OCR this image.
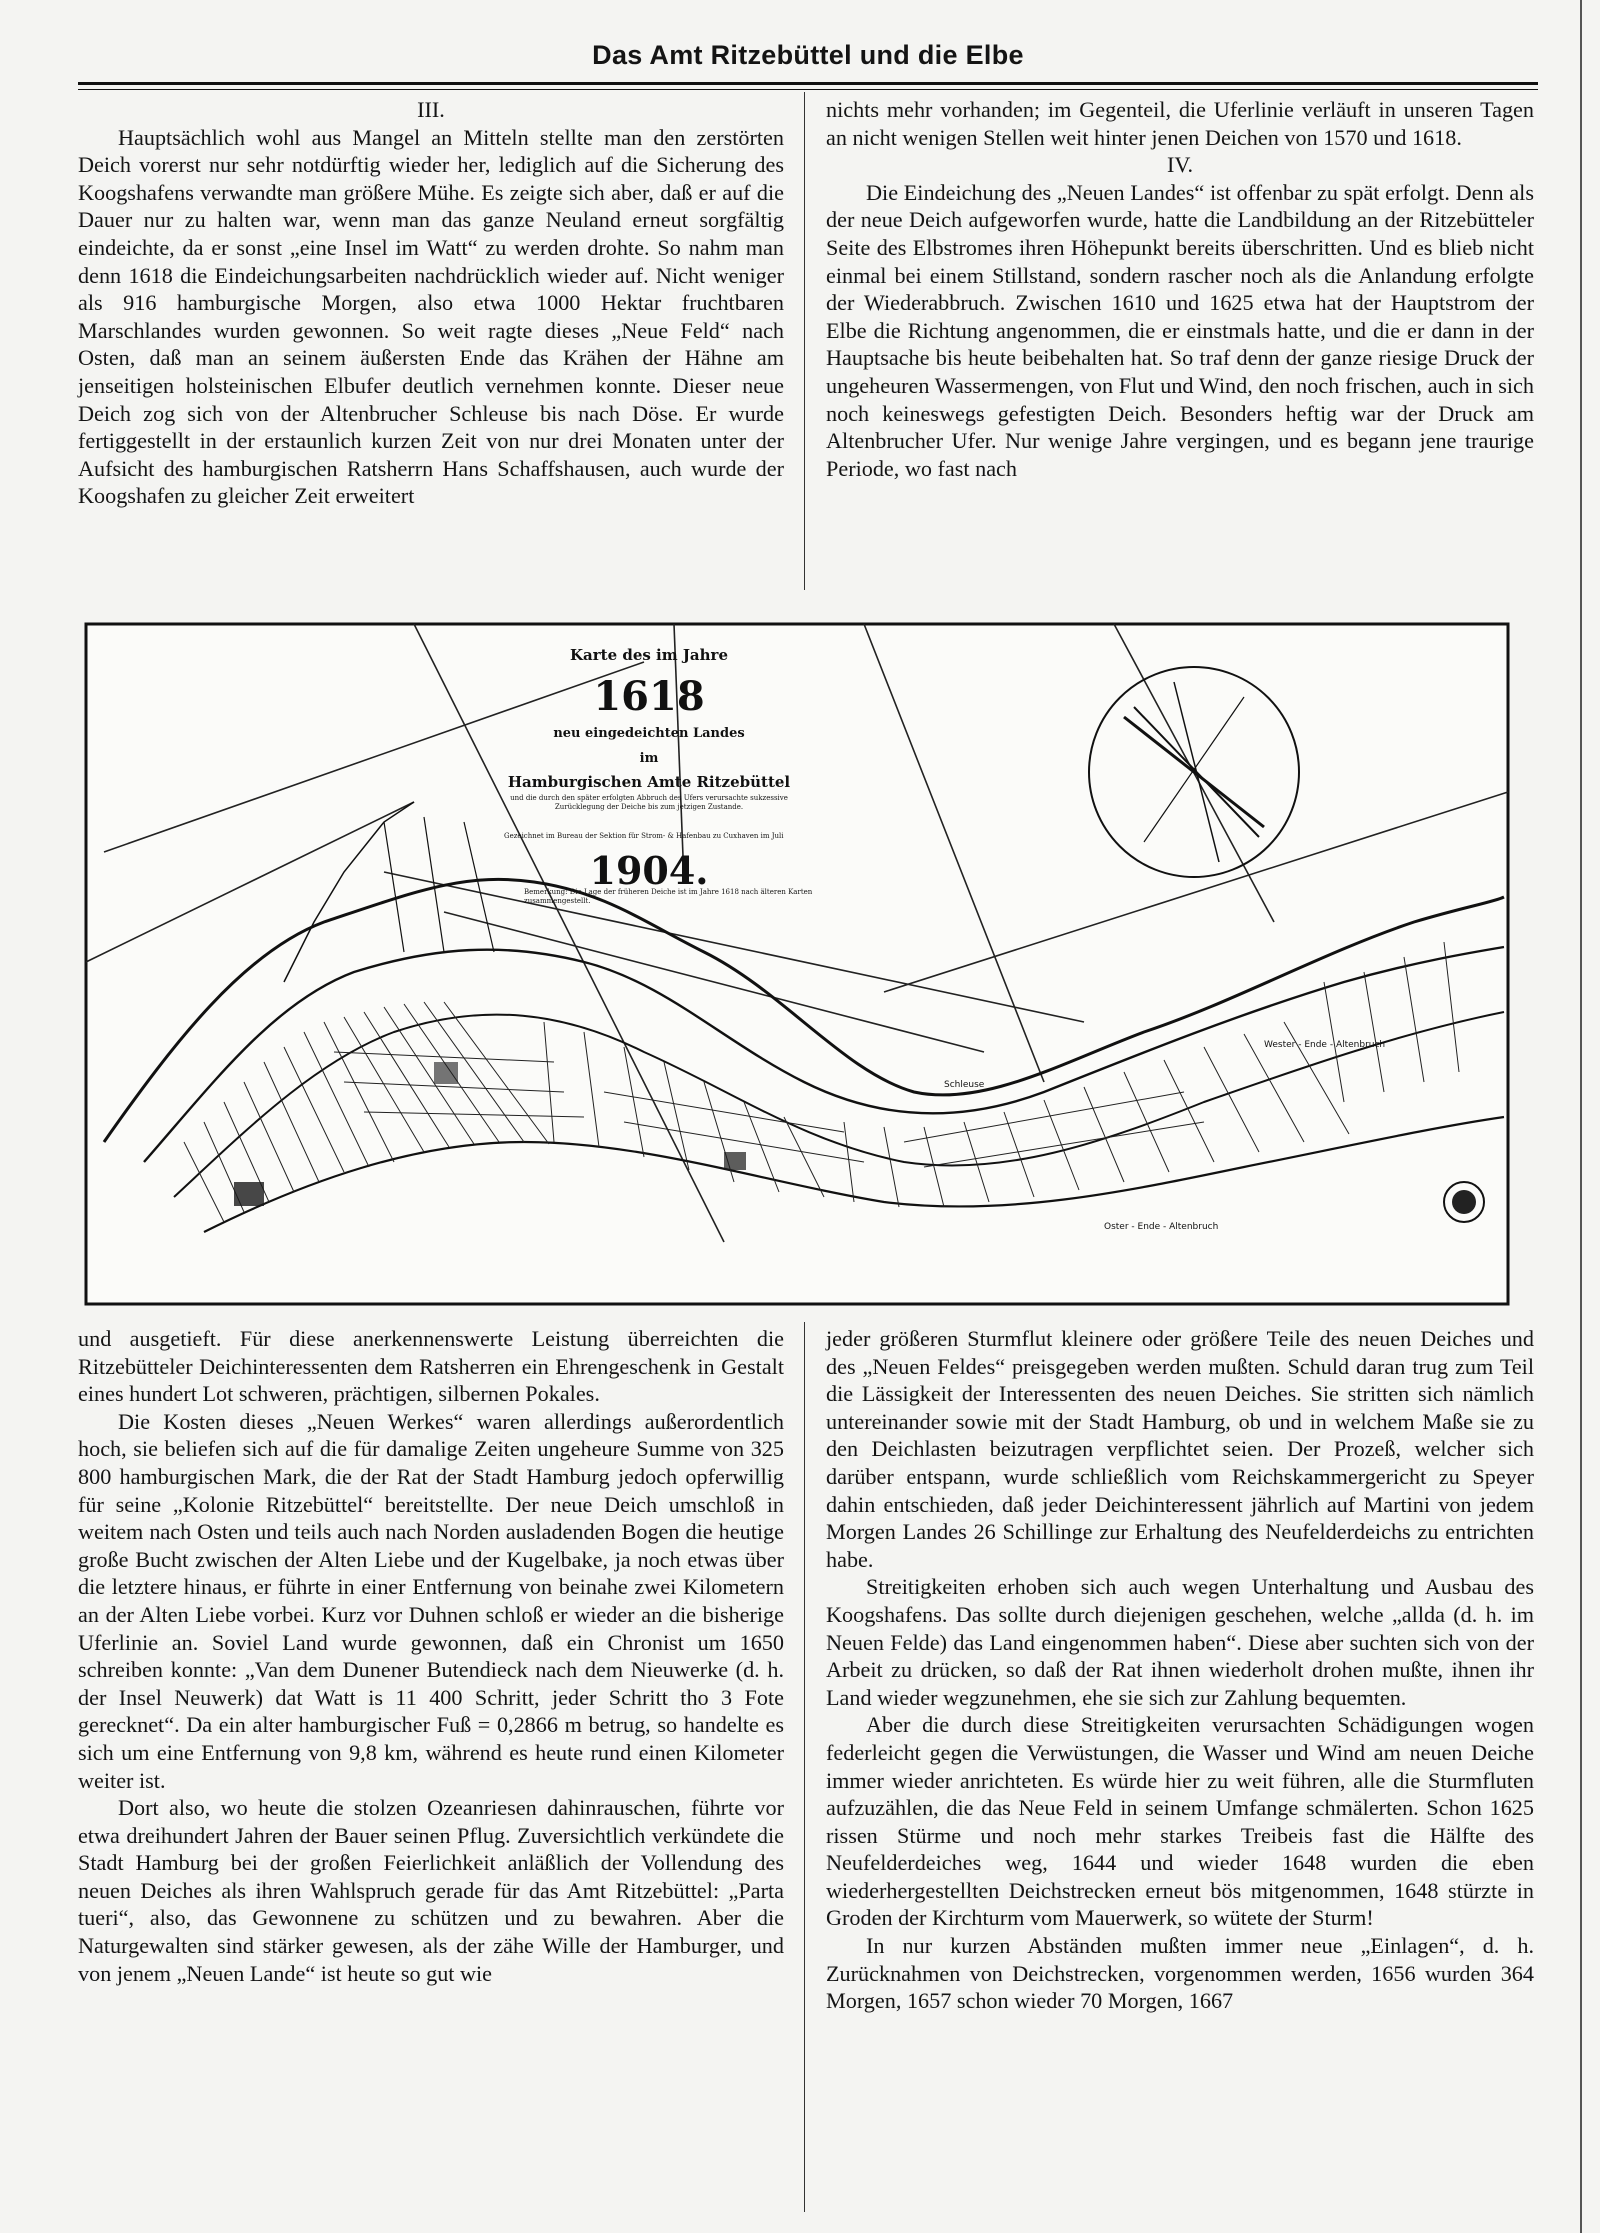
Das Amt Ritzebüttel und die Elbe

III.

Hauptsächlich wohl aus Mangel an Mitteln stellte man den zerstörten Deich vorerst nur sehr notdürftig wieder her, lediglich auf die Sicherung des Koogshafens verwandte man größere Mühe. Es zeigte sich aber, daß er auf die Dauer nur zu halten war, wenn man das ganze Neuland erneut sorgfältig eindeichte, da er sonst „eine Insel im Watt“ zu werden drohte. So nahm man denn 1618 die Eindeichungsarbeiten nachdrücklich wieder auf. Nicht weniger als 916 hamburgische Morgen, also etwa 1000 Hektar fruchtbaren Marschlandes wurden gewonnen. So weit ragte dieses „Neue Feld“ nach Osten, daß man an seinem äußersten Ende das Krähen der Hähne am jenseitigen holsteinischen Elbufer deutlich vernehmen konnte. Dieser neue Deich zog sich von der Altenbrucher Schleuse bis nach Döse. Er wurde fertiggestellt in der erstaunlich kurzen Zeit von nur drei Monaten unter der Aufsicht des hamburgischen Ratsherrn Hans Schaffshausen, auch wurde der Koogshafen zu gleicher Zeit erweitert

nichts mehr vorhanden; im Gegenteil, die Uferlinie verläuft in unseren Tagen an nicht wenigen Stellen weit hinter jenen Deichen von 1570 und 1618.

IV.

Die Eindeichung des „Neuen Landes“ ist offenbar zu spät erfolgt. Denn als der neue Deich aufgeworfen wurde, hatte die Landbildung an der Ritzebütteler Seite des Elbstromes ihren Höhepunkt bereits überschritten. Und es blieb nicht einmal bei einem Stillstand, sondern rascher noch als die Anlandung erfolgte der Wiederabbruch. Zwischen 1610 und 1625 etwa hat der Hauptstrom der Elbe die Richtung angenommen, die er einstmals hatte, und die er dann in der Hauptsache bis heute beibehalten hat. So traf denn der ganze riesige Druck der ungeheuren Wassermengen, von Flut und Wind, den noch frischen, auch in sich noch keineswegs gefestigten Deich. Besonders heftig war der Druck am Altenbrucher Ufer. Nur wenige Jahre vergingen, und es begann jene traurige Periode, wo fast nach

Karte des im Jahre
1618
neu eingedeichten Landes
im
Hamburgischen Amte Ritzebüttel
und die durch den später erfolgten Abbruch des Ufers verursachte sukzessive Zurücklegung der Deiche bis zum jetzigen Zustande.
Gezeichnet im Bureau der Sektion für Strom- & Hafenbau zu Cuxhaven im Juli
1904.
Bemerkung: Die Lage der früheren Deiche ist im Jahre 1618 nach älteren Karten zusammengestellt.
Oster - Ende - Altenbruch
Wester - Ende - Altenbruch
Schleuse

und ausgetieft. Für diese anerkennenswerte Leistung überreichten die Ritzebütteler Deichinteressenten dem Ratsherren ein Ehrengeschenk in Gestalt eines hundert Lot schweren, prächtigen, silbernen Pokales.

Die Kosten dieses „Neuen Werkes“ waren allerdings außerordentlich hoch, sie beliefen sich auf die für damalige Zeiten ungeheure Summe von 325 800 hamburgischen Mark, die der Rat der Stadt Hamburg jedoch opferwillig für seine „Kolonie Ritzebüttel“ bereitstellte. Der neue Deich umschloß in weitem nach Osten und teils auch nach Norden ausladenden Bogen die heutige große Bucht zwischen der Alten Liebe und der Kugelbake, ja noch etwas über die letztere hinaus, er führte in einer Entfernung von beinahe zwei Kilometern an der Alten Liebe vorbei. Kurz vor Duhnen schloß er wieder an die bisherige Uferlinie an. Soviel Land wurde gewonnen, daß ein Chronist um 1650 schreiben konnte: „Van dem Dunener Butendieck nach dem Nieuwerke (d. h. der Insel Neuwerk) dat Watt is 11 400 Schritt, jeder Schritt tho 3 Fote gerecknet“. Da ein alter hamburgischer Fuß = 0,2866 m betrug, so handelte es sich um eine Entfernung von 9,8 km, während es heute rund einen Kilometer weiter ist.

Dort also, wo heute die stolzen Ozeanriesen dahinrauschen, führte vor etwa dreihundert Jahren der Bauer seinen Pflug. Zuversichtlich verkündete die Stadt Hamburg bei der großen Feierlichkeit anläßlich der Vollendung des neuen Deiches als ihren Wahlspruch gerade für das Amt Ritzebüttel: „Parta tueri“, also, das Gewonnene zu schützen und zu bewahren. Aber die Naturgewalten sind stärker gewesen, als der zähe Wille der Hamburger, und von jenem „Neuen Lande“ ist heute so gut wie

jeder größeren Sturmflut kleinere oder größere Teile des neuen Deiches und des „Neuen Feldes“ preisgegeben werden mußten. Schuld daran trug zum Teil die Lässigkeit der Interessenten des neuen Deiches. Sie stritten sich nämlich untereinander sowie mit der Stadt Hamburg, ob und in welchem Maße sie zu den Deichlasten beizutragen verpflichtet seien. Der Prozeß, welcher sich darüber entspann, wurde schließlich vom Reichskammergericht zu Speyer dahin entschieden, daß jeder Deichinteressent jährlich auf Martini von jedem Morgen Landes 26 Schillinge zur Erhaltung des Neufelderdeichs zu entrichten habe.

Streitigkeiten erhoben sich auch wegen Unterhaltung und Ausbau des Koogshafens. Das sollte durch diejenigen geschehen, welche „allda (d. h. im Neuen Felde) das Land eingenommen haben“. Diese aber suchten sich von der Arbeit zu drücken, so daß der Rat ihnen wiederholt drohen mußte, ihnen ihr Land wieder wegzunehmen, ehe sie sich zur Zahlung bequemten.

Aber die durch diese Streitigkeiten verursachten Schädigungen wogen federleicht gegen die Verwüstungen, die Wasser und Wind am neuen Deiche immer wieder anrichteten. Es würde hier zu weit führen, alle die Sturmfluten aufzuzählen, die das Neue Feld in seinem Umfange schmälerten. Schon 1625 rissen Stürme und noch mehr starkes Treibeis fast die Hälfte des Neufelderdeiches weg, 1644 und wieder 1648 wurden die eben wiederhergestellten Deichstrecken erneut bös mitgenommen, 1648 stürzte in Groden der Kirchturm vom Mauerwerk, so wütete der Sturm!

In nur kurzen Abständen mußten immer neue „Einlagen“, d. h. Zurücknahmen von Deichstrecken, vorgenommen werden, 1656 wurden 364 Morgen, 1657 schon wieder 70 Morgen, 1667
